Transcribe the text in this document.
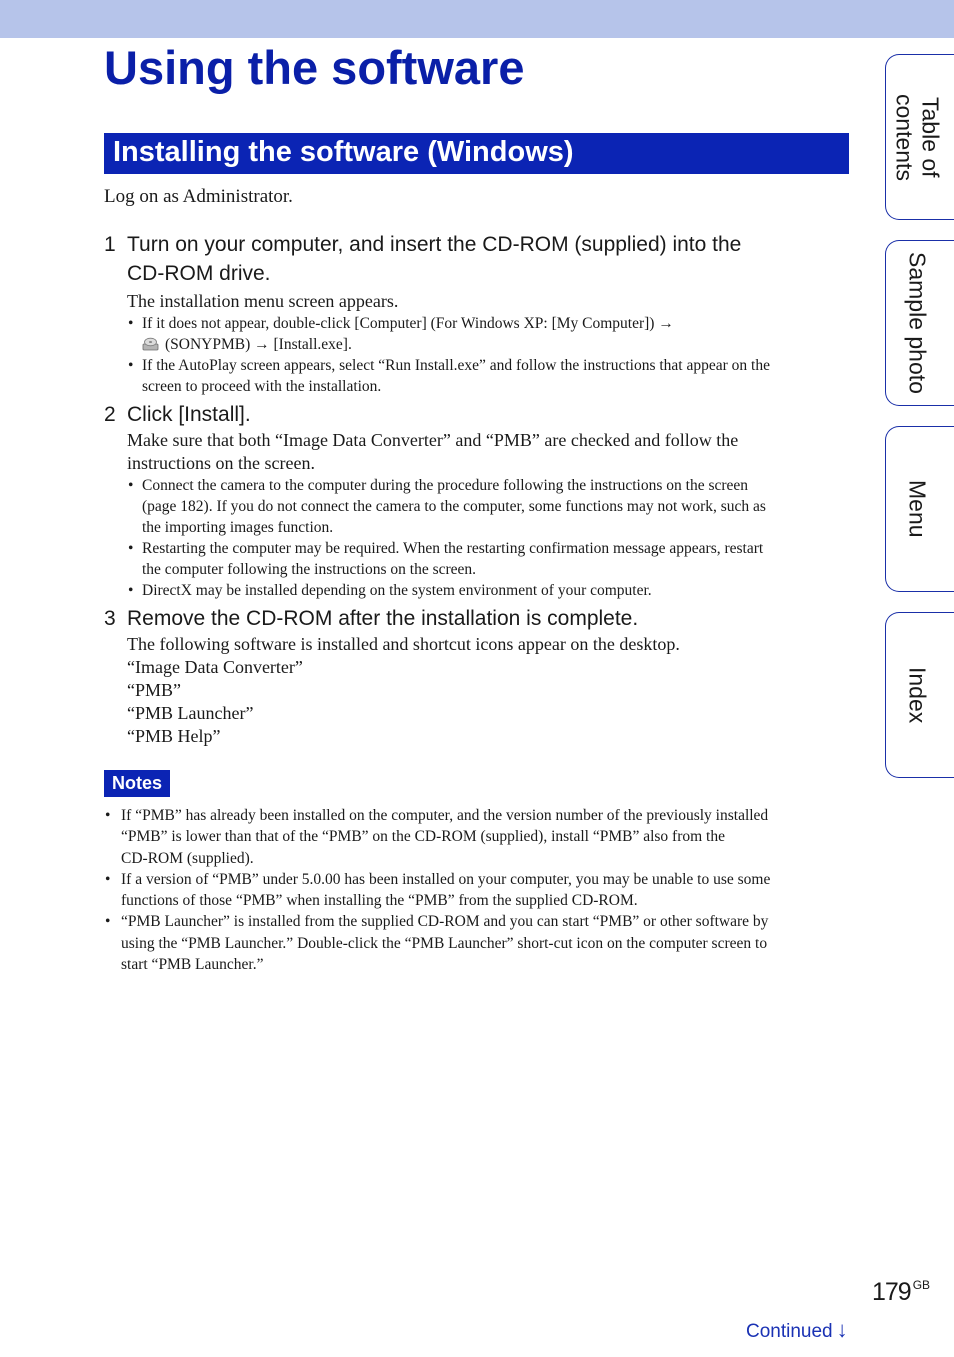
Using the software
Installing the software (Windows)
Log on as Administrator.
1 Turn on your computer, and insert the CD-ROM (supplied) into the
CD-ROM drive.
The installation menu screen appears.
• If it does not appear, double-click [Computer] (For Windows XP: [My Computer]) →
(SONYPMB) → [Install.exe].
• If the AutoPlay screen appears, select “Run Install.exe” and follow the instructions that appear on the
screen to proceed with the installation.
2 Click [Install].
Make sure that both “Image Data Converter” and “PMB” are checked and follow the
instructions on the screen.
• Connect the camera to the computer during the procedure following the instructions on the screen
(page 182). If you do not connect the camera to the computer, some functions may not work, such as
the importing images function.
• Restarting the computer may be required. When the restarting confirmation message appears, restart
the computer following the instructions on the screen.
• DirectX may be installed depending on the system environment of your computer.
3 Remove the CD-ROM after the installation is complete.
The following software is installed and shortcut icons appear on the desktop.
“Image Data Converter”
“PMB”
“PMB Launcher”
“PMB Help”
Notes
• If “PMB” has already been installed on the computer, and the version number of the previously installed
“PMB” is lower than that of the “PMB” on the CD-ROM (supplied), install “PMB” also from the
CD-ROM (supplied).
• If a version of “PMB” under 5.0.00 has been installed on your computer, you may be unable to use some
functions of those “PMB” when installing the “PMB” from the supplied CD-ROM.
• “PMB Launcher” is installed from the supplied CD-ROM and you can start “PMB” or other software by
using the “PMB Launcher.” Double-click the “PMB Launcher” short-cut icon on the computer screen to
start “PMB Launcher.”
Table of
contents
Sample photo
Menu
Index
179 $^{GB}$
Continued ↓
